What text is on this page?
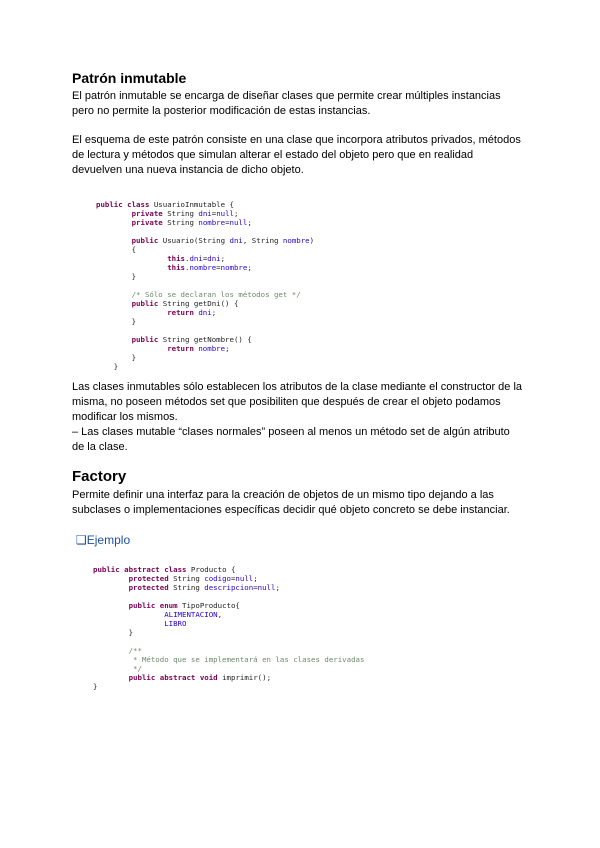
Patrón inmutable
El patrón inmutable se encarga de diseñar clases que permite crear múltiples instancias
pero no permite la posterior modificación de estas instancias.
El esquema de este patrón consiste en una clase que incorpora atributos privados, métodos
de lectura y métodos que simulan alterar el estado del objeto pero que en realidad
devuelven una nueva instancia de dicho objeto.
public class UsuarioInmutable {
private String dni=null;
private String nombre=null;

public Usuario(String dni, String nombre)
{
this.dni=dni;
this.nombre=nombre;
}

/* Sólo se declaran los métodos get */
public String getDni() {
return dni;
}

public String getNombre() {
return nombre;
}
}

Las clases inmutables sólo establecen los atributos de la clase mediante el constructor de la
misma, no poseen métodos set que posibiliten que después de crear el objeto podamos
modificar los mismos.
– Las clases mutable “clases normales” poseen al menos un método set de algún atributo
de la clase.
Factory
Permite definir una interfaz para la creación de objetos de un mismo tipo dejando a las
subclases o implementaciones específicas decidir qué objeto concreto se debe instanciar.
❑Ejemplo
public abstract class Producto {
protected String codigo=null;
protected String descripcion=null;

public enum TipoProducto{
ALIMENTACION,
LIBRO
}

/**
* Método que se implementará en las clases derivadas
*/
public abstract void imprimir();
}
